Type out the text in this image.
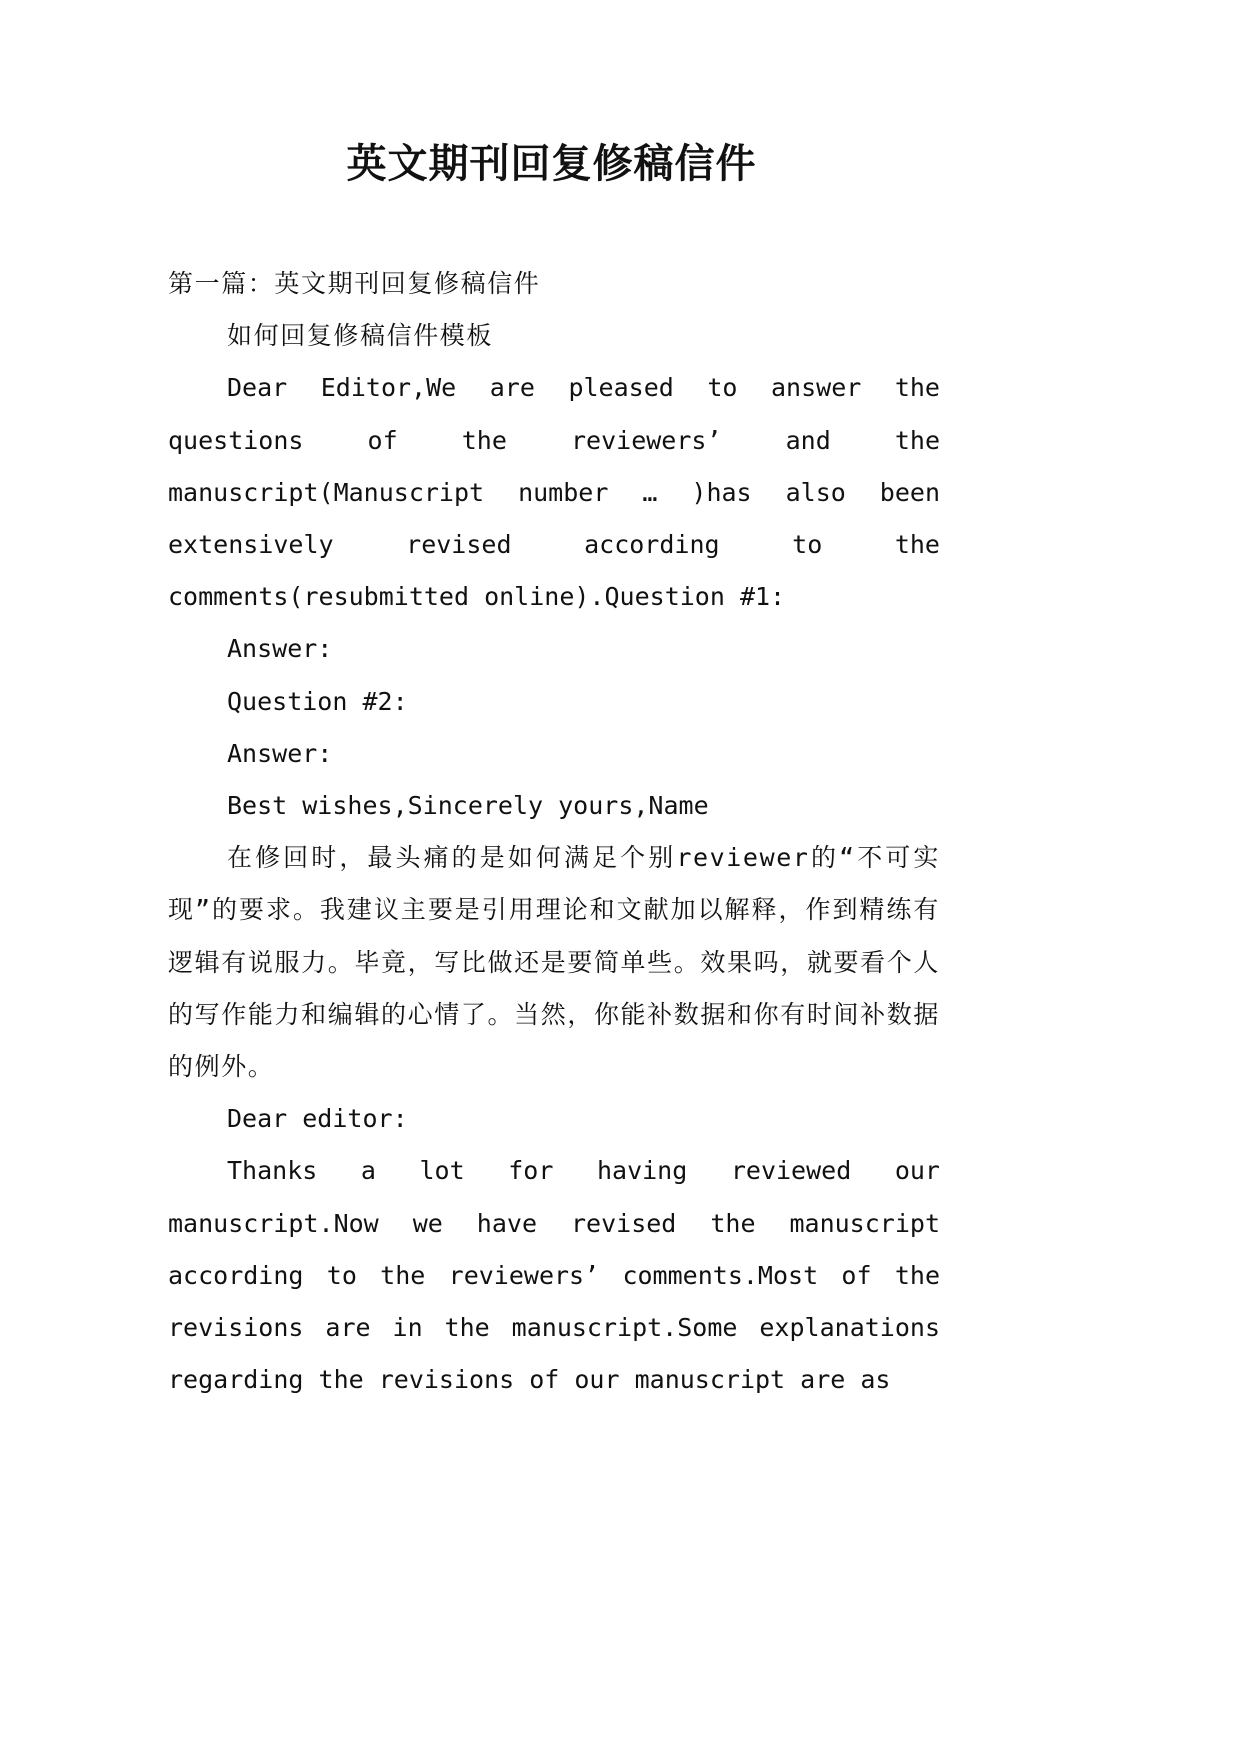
英文期刊回复修稿信件

第一篇：英文期刊回复修稿信件

如何回复修稿信件模板

Dear Editor,We are pleased to answer the questions of the reviewers’ and the manuscript(Manuscript number … )has also been extensively revised according to the comments(resubmitted online).Question #1:

Answer:

Question #2:

Answer:

Best wishes,Sincerely yours,Name

在修回时，最头痛的是如何满足个别reviewer的“不可实现”的要求。我建议主要是引用理论和文献加以解释，作到精练有逻辑有说服力。毕竟，写比做还是要简单些。效果吗，就要看个人的写作能力和编辑的心情了。当然，你能补数据和你有时间补数据的例外。

Dear editor:

Thanks a lot for having reviewed our manuscript.Now we have revised the manuscript according to the reviewers’ comments.Most of the revisions are in the manuscript.Some explanations regarding the revisions of our manuscript are as
